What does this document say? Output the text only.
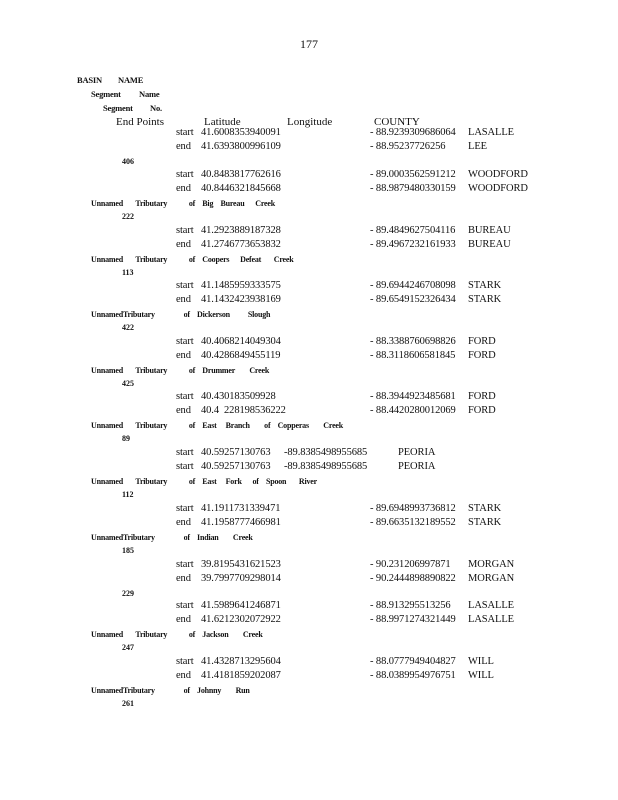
177
BASIN NAME
Segment Name
Segment No.
End Points	Latitude	Longitude	COUNTY
start 41.6008353940091	- 88.9239309686064 LASALLE
end 41.6393800996109	- 88.95237726256 LEE
406
start 40.8483817762616	- 89.0003562591212 WOODFORD
end 40.8446321845668	- 88.9879480330159 WOODFORD
Unnamed       Tributary            of    Big    Bureau      Creek
222
start 41.2923889187328	- 89.4849627504116 BUREAU
end 41.2746773653832	- 89.4967232161933 BUREAU
Unnamed       Tributary            of    Coopers      Defeat       Creek
113
start 41.1485959333575	- 89.6944246708098 STARK
end 41.1432423938169	- 89.6549152326434 STARK
UnnamedTributary                of    Dickerson          Slough
422
start 40.4068214049304	- 88.3388760698826 FORD
end 40.4286849455119	- 88.3118606581845 FORD
Unnamed       Tributary            of    Drummer        Creek
425
start 40.430183509928	- 88.3944923485681 FORD
end 40.4  228198536222	- 88.4420280012069 FORD
Unnamed       Tributary            of    East     Branch        of    Copperas        Creek
89
start 40.59257130763 -89.8385498955685	PEORIA
start 40.59257130763 -89.8385498955685	PEORIA
Unnamed       Tributary            of    East     Fork      of    Spoon       River
112
start 41.1911731339471	- 89.6948993736812 STARK
end 41.1958777466981	- 89.6635132189552 STARK
UnnamedTributary                of    Indian        Creek
185
start 39.8195431621523	- 90.231206997871 MORGAN
end 39.7997709298014	- 90.2444898890822 MORGAN
229
start 41.5989641246871	- 88.913295513256 LASALLE
end 41.6212302072922	- 88.9971274321449 LASALLE
Unnamed       Tributary            of    Jackson        Creek
247
start 41.4328713295604	- 88.0777949404827 WILL
end 41.4181859202087	- 88.0389954976751 WILL
UnnamedTributary                of    Johnny        Run
261
